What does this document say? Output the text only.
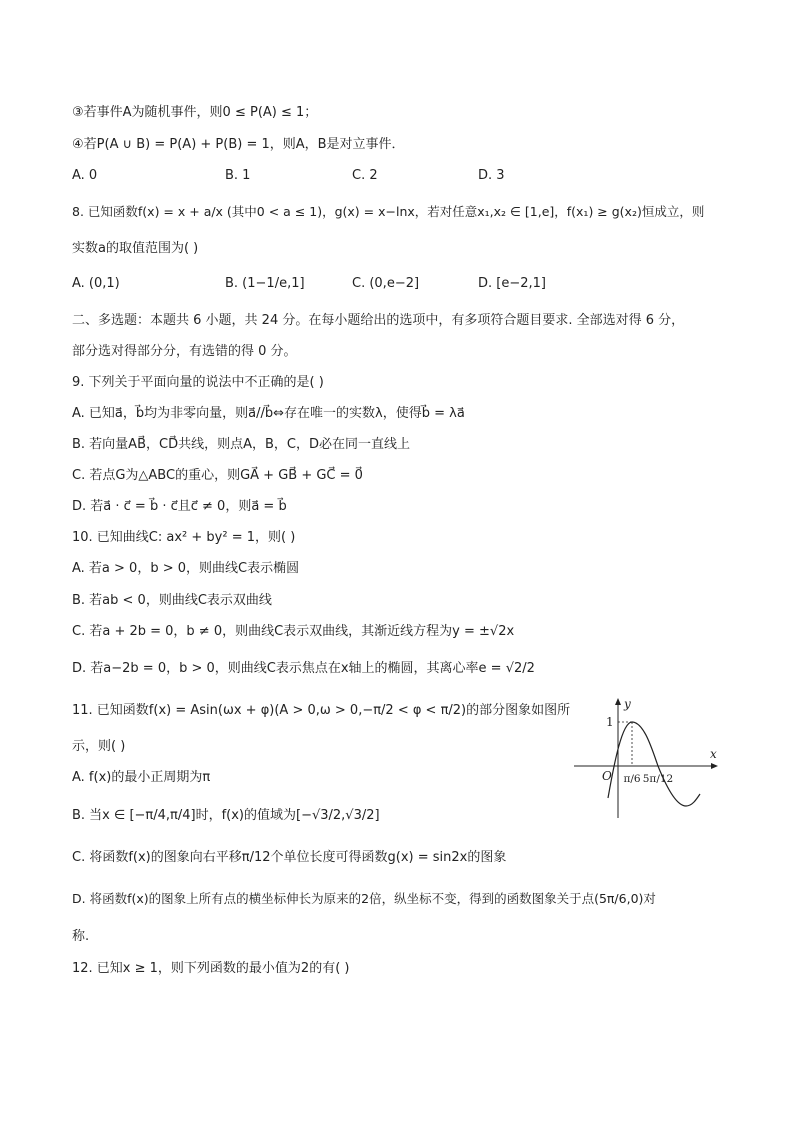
③若事件A为随机事件，则0 ≤ P(A) ≤ 1；
④若P(A ∪ B) = P(A) + P(B) = 1，则A，B是对立事件．
A. 0	B. 1	C. 2	D. 3
8. 已知函数f(x) = x + a/x (其中0 < a ≤ 1)，g(x) = x−lnx，若对任意x₁,x₂ ∈ [1,e]，f(x₁) ≥ g(x₂)恒成立，则
实数a的取值范围为( )
A. (0,1)	B. (1−1/e,1]	C. (0,e−2]	D. [e−2,1]
二、多选题：本题共 6 小题，共 24 分。在每小题给出的选项中，有多项符合题目要求. 全部选对得 6 分，
部分选对得部分分，有选错的得 0 分。
9. 下列关于平面向量的说法中不正确的是( )
A. 已知a⃗，b⃗均为非零向量，则a⃗//b⃗⇔存在唯一的实数λ，使得b⃗ = λa⃗
B. 若向量AB⃗，CD⃗共线，则点A，B，C，D必在同一直线上
C. 若点G为△ABC的重心，则GA⃗ + GB⃗ + GC⃗ = 0⃗
D. 若a⃗ · c⃗ = b⃗ · c⃗且c⃗ ≠ 0，则a⃗ = b⃗
10. 已知曲线C: ax² + by² = 1，则( )
A. 若a > 0，b > 0，则曲线C表示椭圆
B. 若ab < 0，则曲线C表示双曲线
C. 若a + 2b = 0，b ≠ 0，则曲线C表示双曲线，其渐近线方程为y = ±√2x
D. 若a−2b = 0，b > 0，则曲线C表示焦点在x轴上的椭圆，其离心率e = √2/2
11. 已知函数f(x) = Asin(ωx + φ)(A > 0,ω > 0,−π/2 < φ < π/2)的部分图象如图所
示，则( )
A. f(x)的最小正周期为π
B. 当x ∈ [−π/4,π/4]时，f(x)的值域为[−√3/2,√3/2]
C. 将函数f(x)的图象向右平移π/12个单位长度可得函数g(x) = sin2x的图象
D. 将函数f(x)的图象上所有点的横坐标伸长为原来的2倍，纵坐标不变，得到的函数图象关于点(5π/6,0)对
称.
12. 已知x ≥ 1，则下列函数的最小值为2的有( )
y
x
O
1
π/6 5π/12
